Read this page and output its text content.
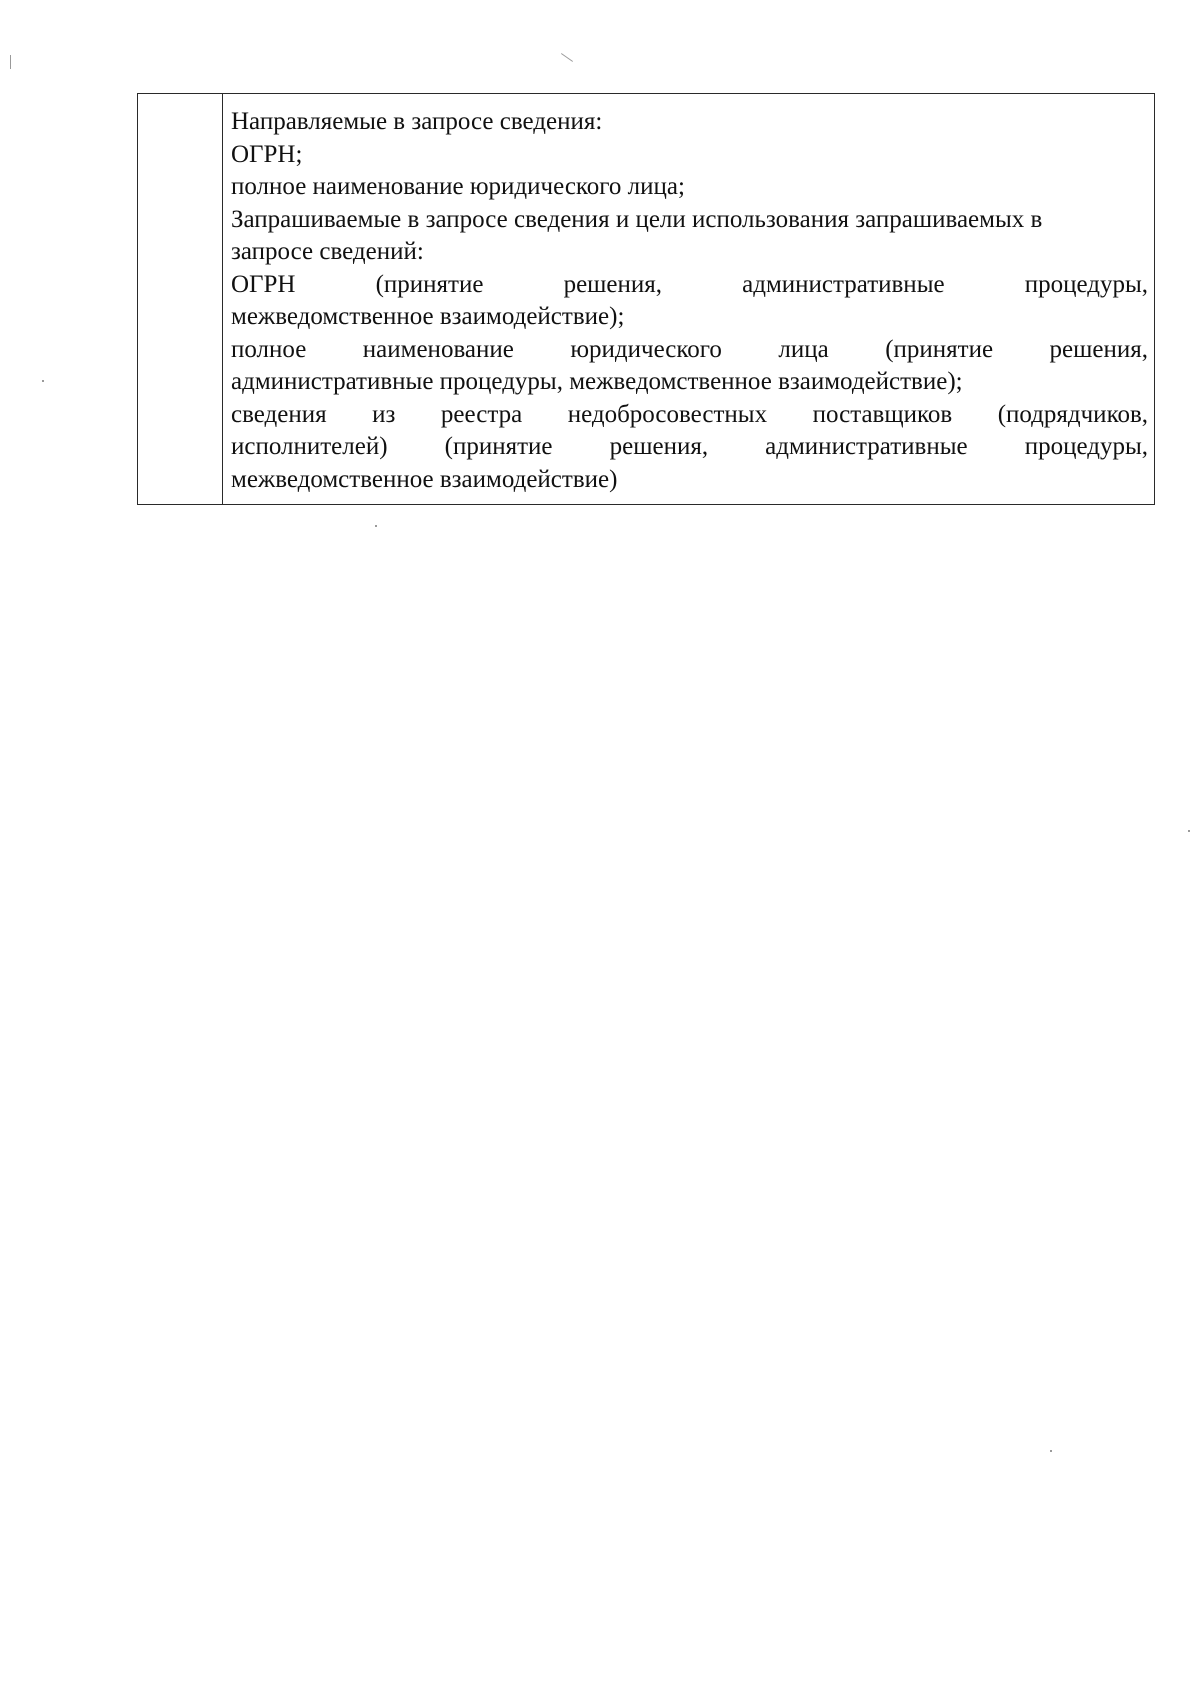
Направляемые в запросе сведения:
ОГРН;
полное наименование юридического лица;
Запрашиваемые в запросе сведения и цели использования запрашиваемых в
запросе сведений:
ОГРН (принятие решения, административные процедуры,
межведомственное взаимодействие);
полное наименование юридического лица (принятие решения,
административные процедуры, межведомственное взаимодействие);
сведения из реестра недобросовестных поставщиков (подрядчиков,
исполнителей) (принятие решения, административные процедуры,
межведомственное взаимодействие)
